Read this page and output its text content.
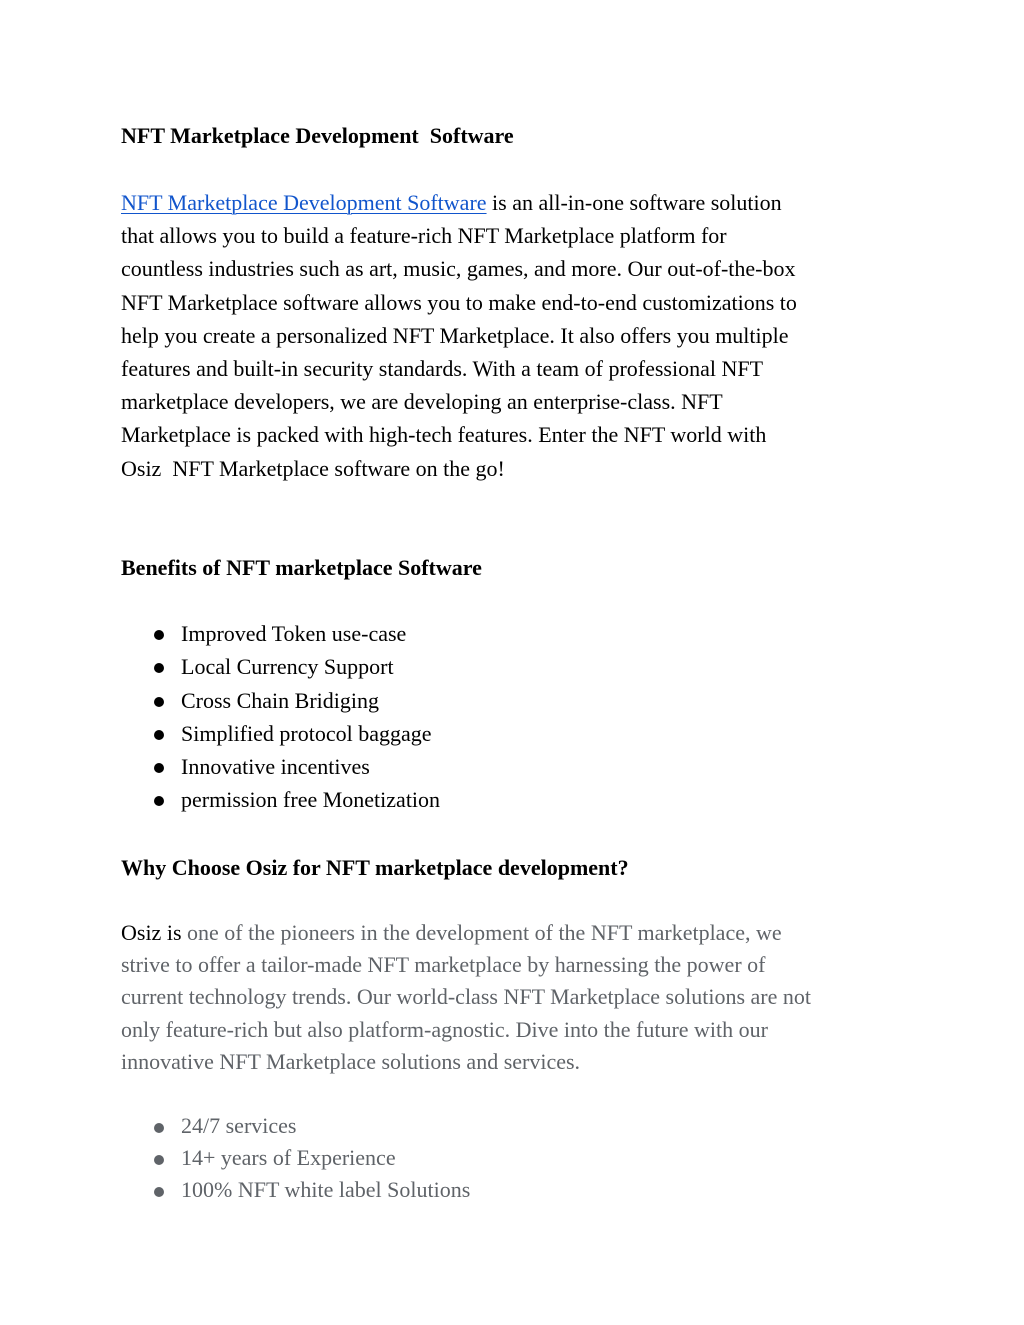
NFT Marketplace Development  Software
NFT Marketplace Development Software is an all-in-one software solution
that allows you to build a feature-rich NFT Marketplace platform for
countless industries such as art, music, games, and more. Our out-of-the-box
NFT Marketplace software allows you to make end-to-end customizations to
help you create a personalized NFT Marketplace. It also offers you multiple
features and built-in security standards. With a team of professional NFT
marketplace developers, we are developing an enterprise-class. NFT
Marketplace is packed with high-tech features. Enter the NFT world with
Osiz  NFT Marketplace software on the go!
Benefits of NFT marketplace Software
Improved Token use-case
Local Currency Support
Cross Chain Bridiging
Simplified protocol baggage
Innovative incentives
permission free Monetization
Why Choose Osiz for NFT marketplace development?
Osiz is one of the pioneers in the development of the NFT marketplace, we
strive to offer a tailor-made NFT marketplace by harnessing the power of
current technology trends. Our world-class NFT Marketplace solutions are not
only feature-rich but also platform-agnostic. Dive into the future with our
innovative NFT Marketplace solutions and services.
24/7 services
14+ years of Experience
100% NFT white label Solutions
